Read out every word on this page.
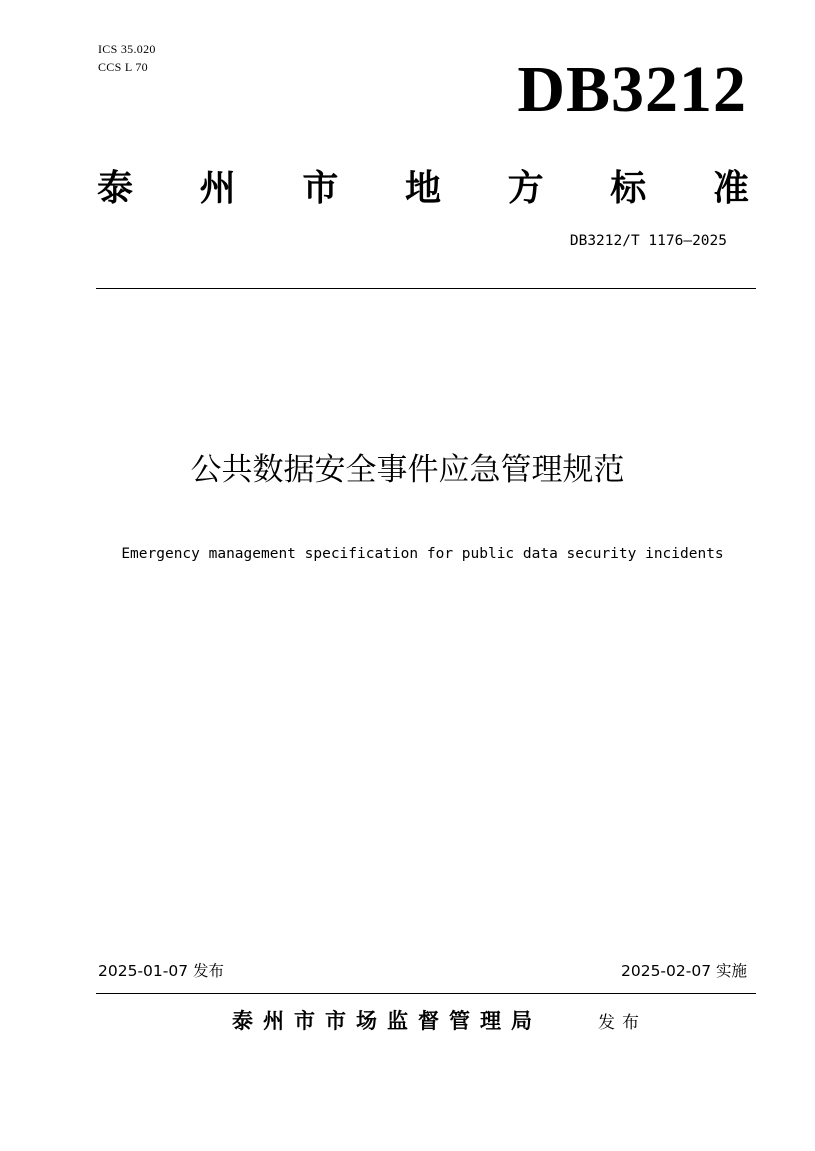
ICS 35.020
CCS L 70	DB3212
泰 州 市 地 方 标 准
DB3212/T 1176—2025
公共数据安全事件应急管理规范
Emergency management specification for public data security incidents
2025-01-07 发布	2025-02-07 实施
泰州市市场监督管理局	发布
